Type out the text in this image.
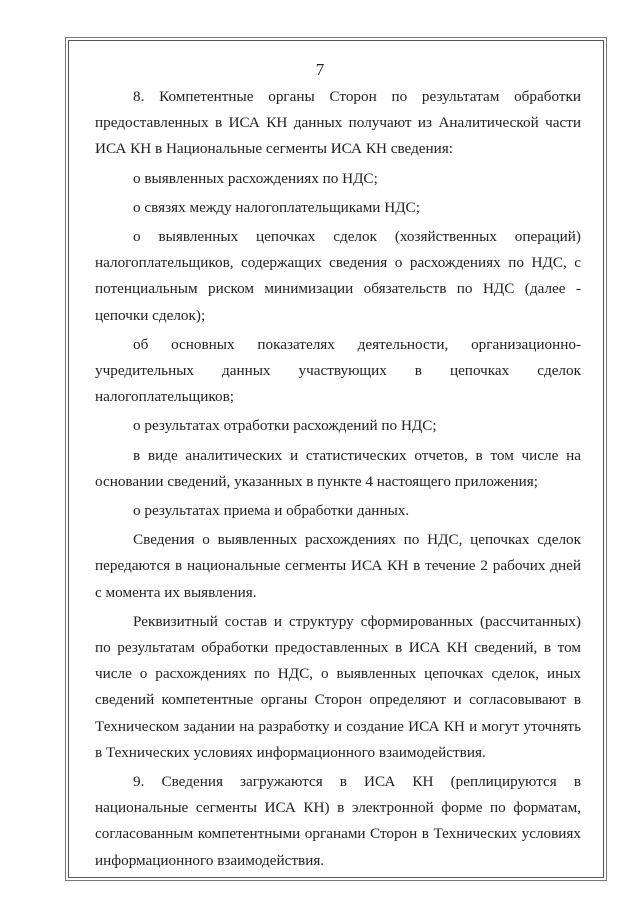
7

8. Компетентные органы Сторон по результатам обработки предоставленных в ИСА КН данных получают из Аналитической части ИСА КН в Национальные сегменты ИСА КН сведения:

о выявленных расхождениях по НДС;

о связях между налогоплательщиками НДС;

о выявленных цепочках сделок (хозяйственных операций) налогоплательщиков, содержащих сведения о расхождениях по НДС, с потенциальным риском минимизации обязательств по НДС (далее - цепочки сделок);

об основных показателях деятельности, организационно-учредительных данных участвующих в цепочках сделок налогоплательщиков;

о результатах отработки расхождений по НДС;

в виде аналитических и статистических отчетов, в том числе на основании сведений, указанных в пункте 4 настоящего приложения;

о результатах приема и обработки данных.

Сведения о выявленных расхождениях по НДС, цепочках сделок передаются в национальные сегменты ИСА КН в течение 2 рабочих дней с момента их выявления.

Реквизитный состав и структуру сформированных (рассчитанных) по результатам обработки предоставленных в ИСА КН сведений, в том числе о расхождениях по НДС, о выявленных цепочках сделок, иных сведений компетентные органы Сторон определяют и согласовывают в Техническом задании на разработку и создание ИСА КН и могут уточнять в Технических условиях информационного взаимодействия.

9. Сведения загружаются в ИСА КН (реплицируются в национальные сегменты ИСА КН) в электронной форме по форматам, согласованным компетентными органами Сторон в Технических условиях информационного взаимодействия.
